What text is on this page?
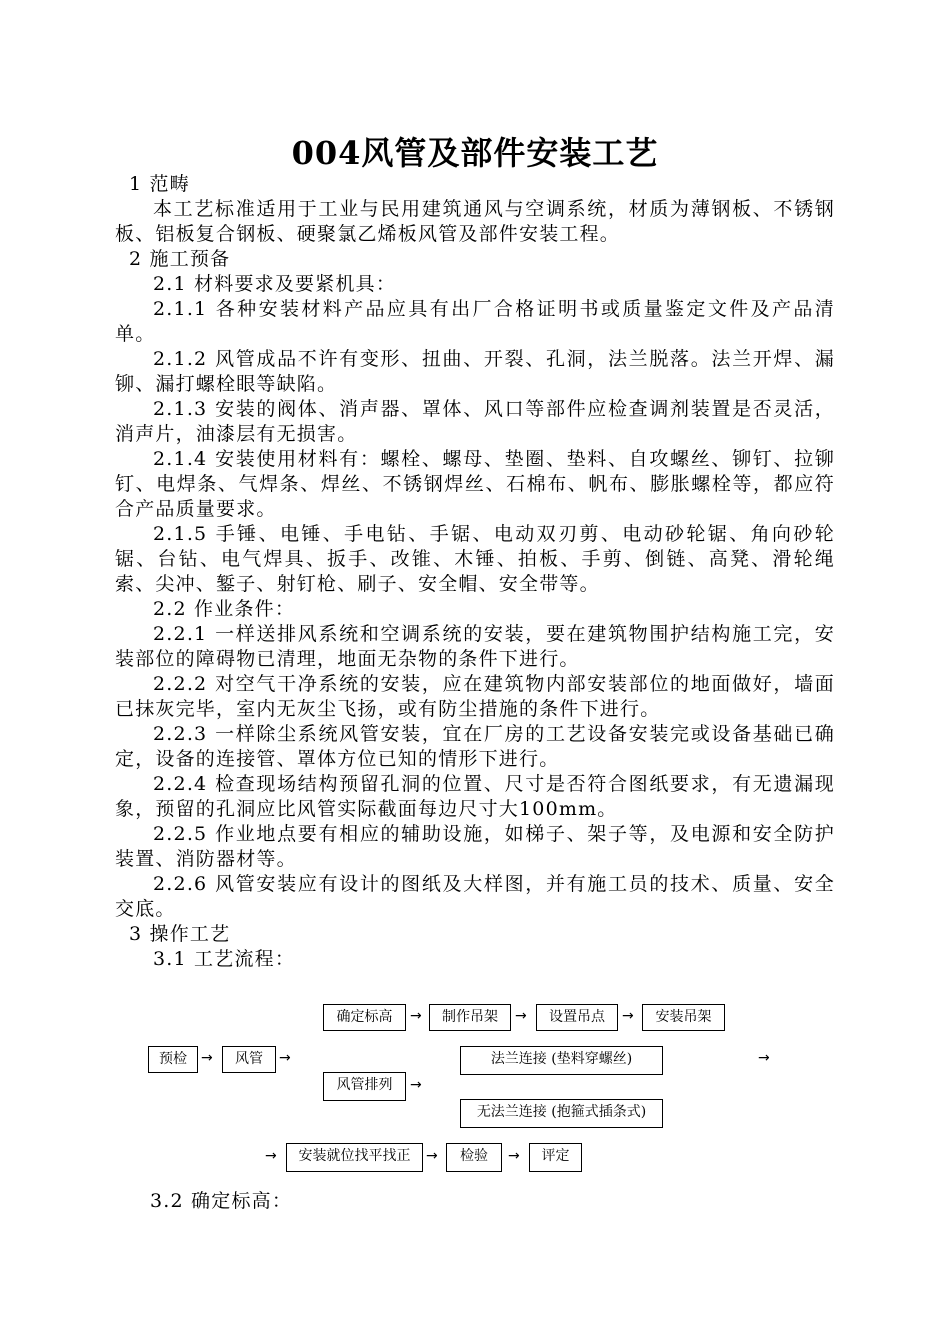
004风管及部件安装工艺

1 范畴

本工艺标准适用于工业与民用建筑通风与空调系统，材质为薄钢板、不锈钢板、铝板复合钢板、硬聚氯乙烯板风管及部件安装工程。

2 施工预备

2.1 材料要求及要紧机具：

2.1.1 各种安装材料产品应具有出厂合格证明书或质量鉴定文件及产品清单。

2.1.2 风管成品不许有变形、扭曲、开裂、孔洞，法兰脱落。法兰开焊、漏铆、漏打螺栓眼等缺陷。

2.1.3 安装的阀体、消声器、罩体、风口等部件应检查调剂装置是否灵活，消声片，油漆层有无损害。

2.1.4 安装使用材料有：螺栓、螺母、垫圈、垫料、自攻螺丝、铆钉、拉铆钉、电焊条、气焊条、焊丝、不锈钢焊丝、石棉布、帆布、膨胀螺栓等，都应符合产品质量要求。

2.1.5 手锤、电锤、手电钻、手锯、电动双刃剪、电动砂轮锯、角向砂轮锯、台钻、电气焊具、扳手、改锥、木锤、拍板、手剪、倒链、高凳、滑轮绳索、尖冲、錾子、射钉枪、刷子、安全帽、安全带等。

2.2 作业条件：

2.2.1 一样送排风系统和空调系统的安装，要在建筑物围护结构施工完，安装部位的障碍物已清理，地面无杂物的条件下进行。

2.2.2 对空气干净系统的安装，应在建筑物内部安装部位的地面做好，墙面已抹灰完毕，室内无灰尘飞扬，或有防尘措施的条件下进行。

2.2.3 一样除尘系统风管安装，宜在厂房的工艺设备安装完或设备基础已确定，设备的连接管、罩体方位已知的情形下进行。

2.2.4 检查现场结构预留孔洞的位置、尺寸是否符合图纸要求，有无遗漏现象，预留的孔洞应比风管实际截面每边尺寸大100mm。

2.2.5 作业地点要有相应的辅助设施，如梯子、架子等，及电源和安全防护装置、消防器材等。

2.2.6 风管安装应有设计的图纸及大样图，并有施工员的技术、质量、安全交底。

3 操作工艺

3.1 工艺流程：

确定标高	→	制作吊架	→	设置吊点	→	安装吊架
预检	→	风管	→	法兰连接 (垫料穿螺丝)	→
风管排列	→
无法兰连接 (抱箍式插条式)
→	安装就位找平找正	→	检验	→	评定
3.2 确定标高：
